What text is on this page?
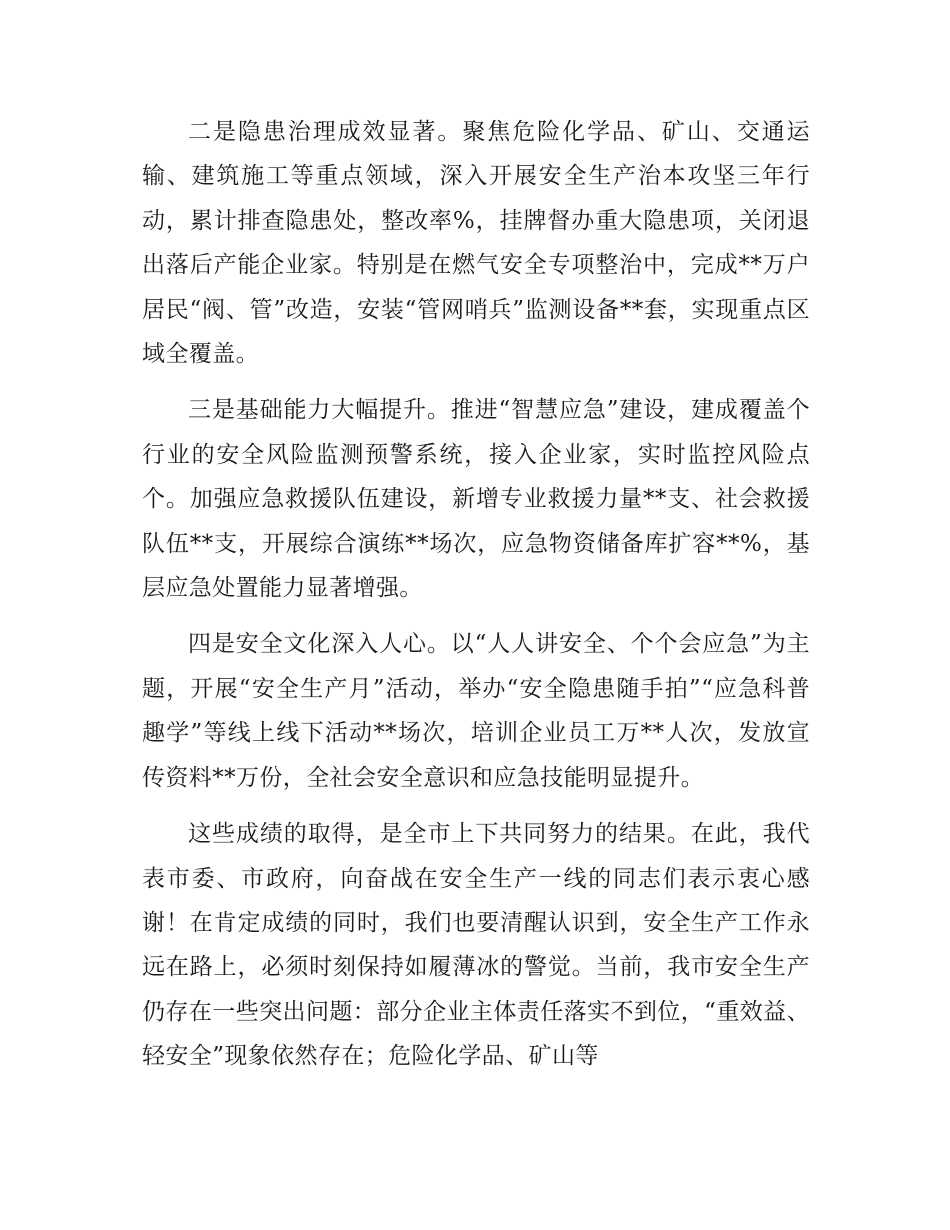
二是隐患治理成效显著。聚焦危险化学品、矿山、交通运输、建筑施工等重点领域，深入开展安全生产治本攻坚三年行动，累计排查隐患处，整改率%，挂牌督办重大隐患项，关闭退出落后产能企业家。特别是在燃气安全专项整治中，完成**万户居民“阀、管”改造，安装“管网哨兵”监测设备**套，实现重点区域全覆盖。

三是基础能力大幅提升。推进“智慧应急”建设，建成覆盖个行业的安全风险监测预警系统，接入企业家，实时监控风险点个。加强应急救援队伍建设，新增专业救援力量**支、社会救援队伍**支，开展综合演练**场次，应急物资储备库扩容**%，基层应急处置能力显著增强。

四是安全文化深入人心。以“人人讲安全、个个会应急”为主题，开展“安全生产月”活动，举办“安全隐患随手拍”“应急科普趣学”等线上线下活动**场次，培训企业员工万**人次，发放宣传资料**万份，全社会安全意识和应急技能明显提升。

这些成绩的取得，是全市上下共同努力的结果。在此，我代表市委、市政府，向奋战在安全生产一线的同志们表示衷心感谢！在肯定成绩的同时，我们也要清醒认识到，安全生产工作永远在路上，必须时刻保持如履薄冰的警觉。当前，我市安全生产仍存在一些突出问题：部分企业主体责任落实不到位，“重效益、轻安全”现象依然存在；危险化学品、矿山等
